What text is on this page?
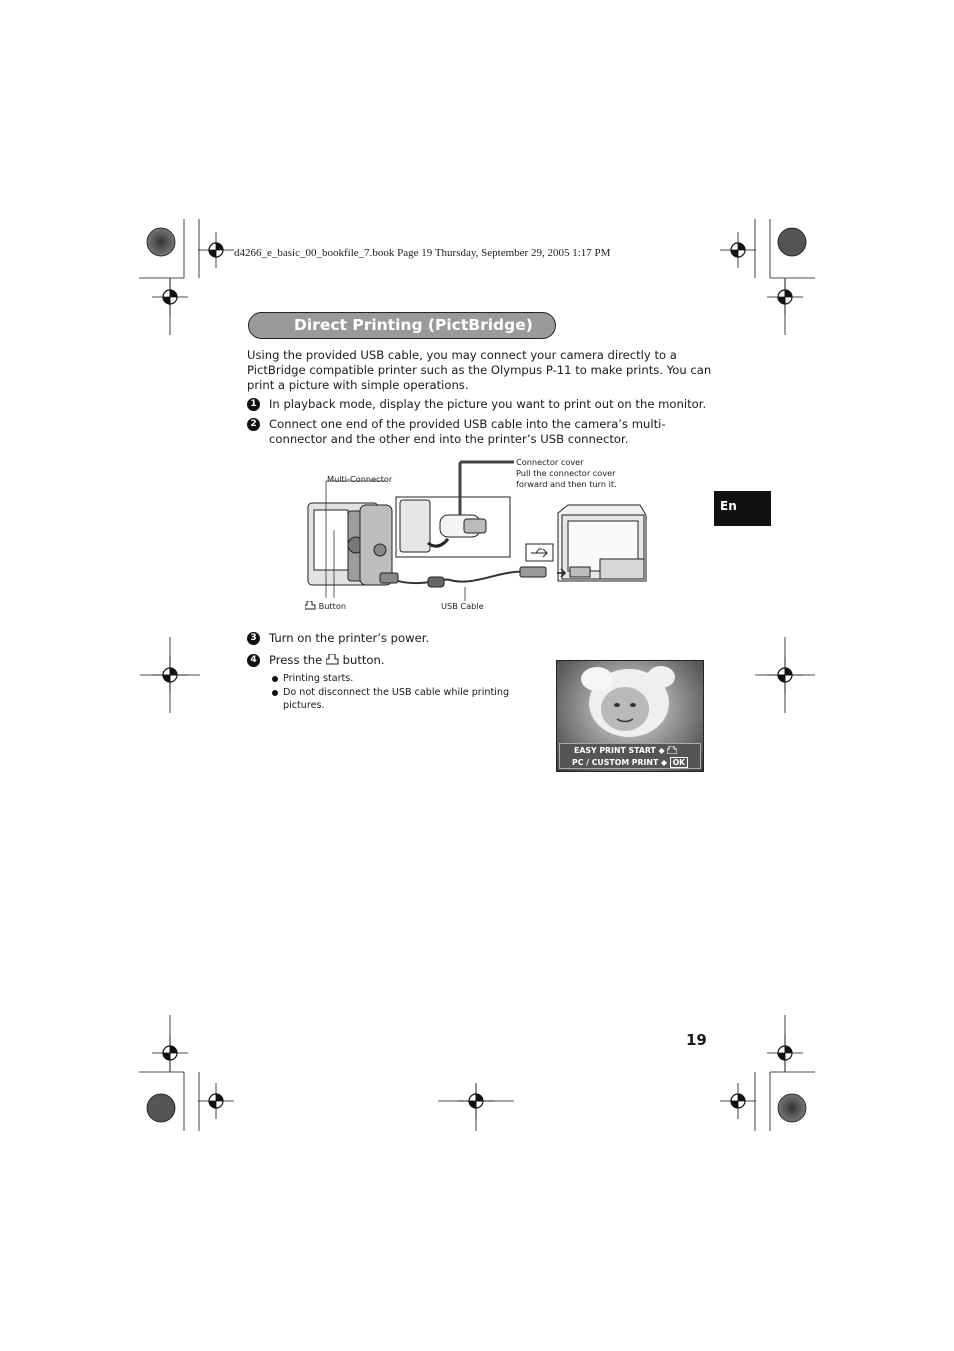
d4266_e_basic_00_bookfile_7.book Page 19 Thursday, September 29, 2005 1:17 PM
Direct Printing (PictBridge)
Using the provided USB cable, you may connect your camera directly to a PictBridge compatible printer such as the Olympus P-11 to make prints. You can print a picture with simple operations.
1 In playback mode, display the picture you want to print out on the monitor.
2 Connect one end of the provided USB cable into the camera’s multi-connector and the other end into the printer’s USB connector.
Multi-Connector
Connector cover
Pull the connector cover
forward and then turn it.
Button	USB Cable
3 Turn on the printer’s power.
4 Press the button.
Printing starts.
Do not disconnect the USB cable while printing pictures.
EASY PRINT START ◆
PC / CUSTOM PRINT ◆ OK
En
19
